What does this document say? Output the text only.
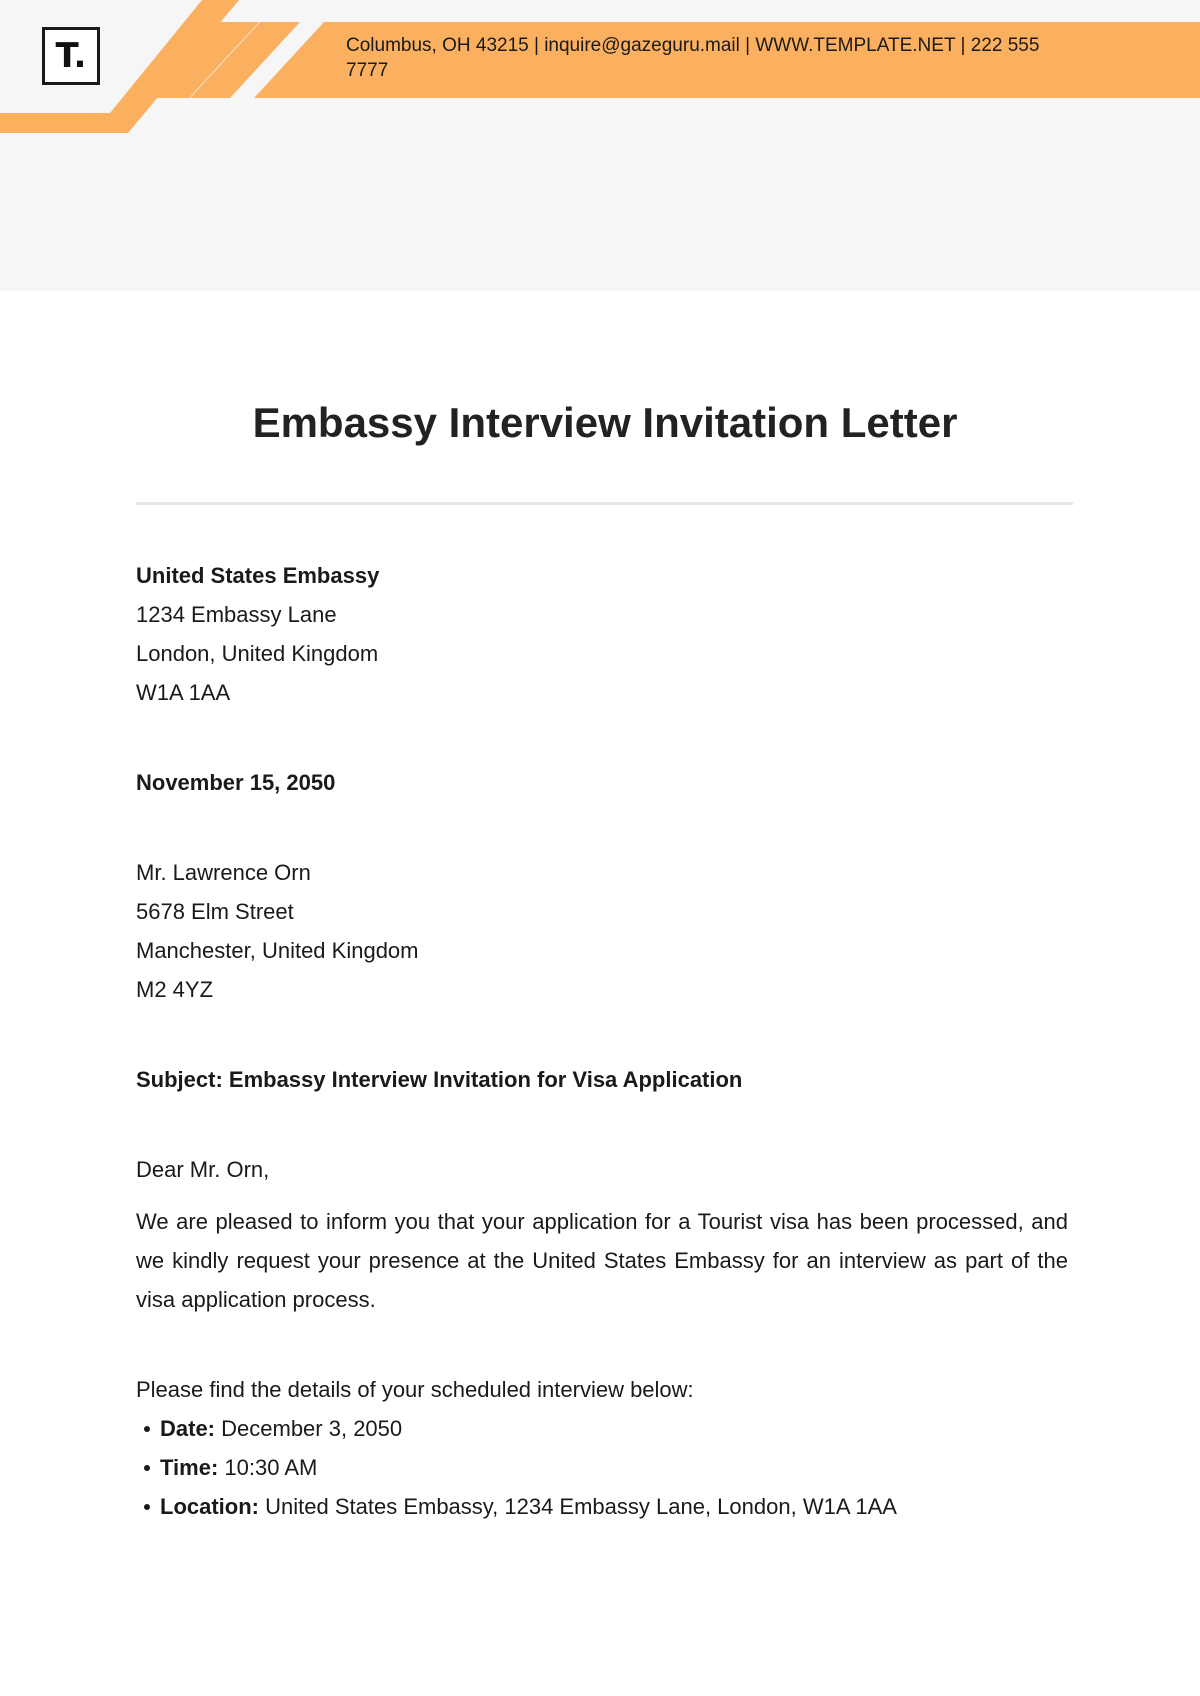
T.	Columbus, OH 43215 | inquire@gazeguru.mail | WWW.TEMPLATE.NET | 222 555 7777
Embassy Interview Invitation Letter

United States Embassy

1234 Embassy Lane

London, United Kingdom

W1A 1AA

November 15, 2050

Mr. Lawrence Orn

5678 Elm Street

Manchester, United Kingdom

M2 4YZ

Subject: Embassy Interview Invitation for Visa Application

Dear Mr. Orn,

We are pleased to inform you that your application for a Tourist visa has been processed, and we kindly request your presence at the United States Embassy for an interview as part of the visa application process.

Please find the details of your scheduled interview below:

Date: December 3, 2050
Time: 10:30 AM
Location: United States Embassy, 1234 Embassy Lane, London, W1A 1AA
